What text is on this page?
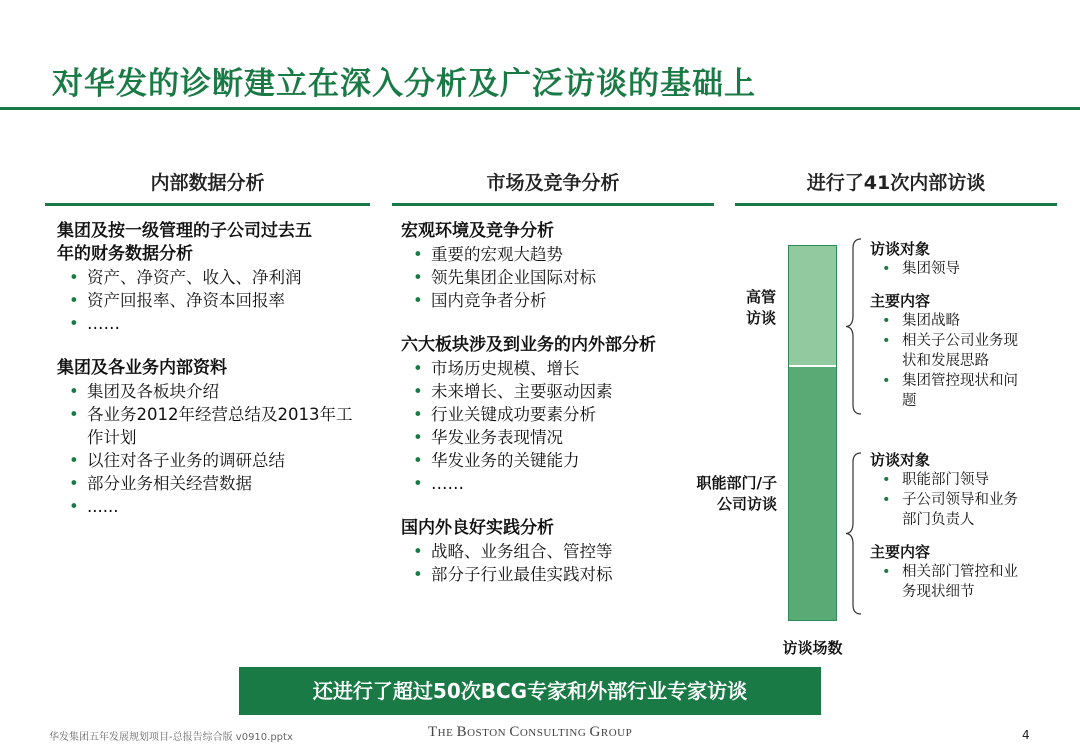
对华发的诊断建立在深入分析及广泛访谈的基础上
内部数据分析
集团及按一级管理的子公司过去五
年的财务数据分析
• 资产、净资产、收入、净利润
• 资产回报率、净资本回报率
• ……
集团及各业务内部资料
• 集团及各板块介绍
• 各业务2012年经营总结及2013年工作计划
• 以往对各子业务的调研总结
• 部分业务相关经营数据
• ......
市场及竞争分析
宏观环境及竞争分析
• 重要的宏观大趋势
• 领先集团企业国际对标
• 国内竞争者分析
六大板块涉及到业务的内外部分析
• 市场历史规模、增长
• 未来增长、主要驱动因素
• 行业关键成功要素分析
• 华发业务表现情况
• 华发业务的关键能力
• ……
国内外良好实践分析
• 战略、业务组合、管控等
• 部分子行业最佳实践对标
进行了41次内部访谈
高管访谈
职能部门/子公司访谈
访谈场数
访谈对象
• 集团领导
主要内容
• 集团战略
• 相关子公司业务现状和发展思路
• 集团管控现状和问题
访谈对象
• 职能部门领导
• 子公司领导和业务部门负责人
主要内容
• 相关部门管控和业务现状细节
还进行了超过50次BCG专家和外部行业专家访谈
华发集团五年发展规划项目-总报告综合版 v0910.pptx	THE BOSTON CONSULTING GROUP	4
